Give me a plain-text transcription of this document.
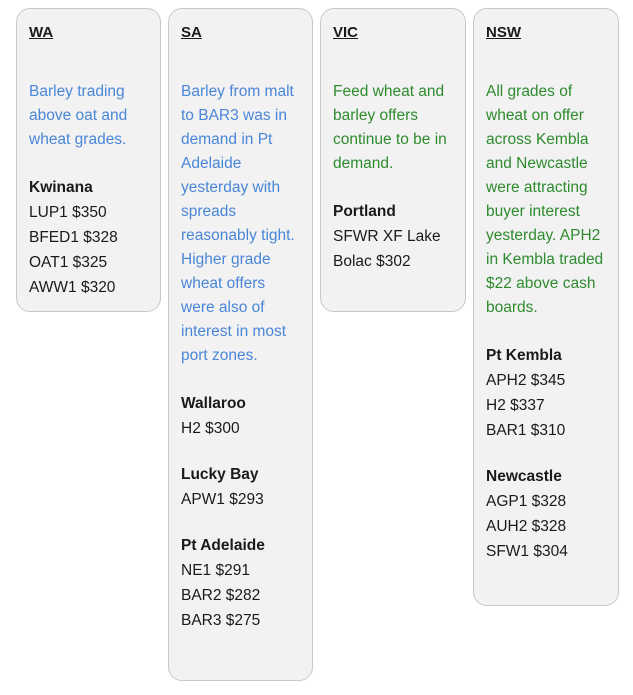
WA
Barley trading above oat and wheat grades.
Kwinana
LUP1 $350
BFED1 $328
OAT1 $325
AWW1 $320
SA
Barley from malt to BAR3 was in demand in Pt Adelaide yesterday with spreads reasonably tight. Higher grade wheat offers were also of interest in most port zones.
Wallaroo
H2 $300
Lucky Bay
APW1 $293
Pt Adelaide
NE1 $291
BAR2 $282
BAR3 $275
VIC
Feed wheat and barley offers continue to be in demand.
Portland
SFWR XF Lake Bolac $302
NSW
All grades of wheat on offer across Kembla and Newcastle were attracting buyer interest yesterday. APH2 in Kembla traded $22 above cash boards.
Pt Kembla
APH2 $345
H2 $337
BAR1 $310
Newcastle
AGP1 $328
AUH2 $328
SFW1 $304
